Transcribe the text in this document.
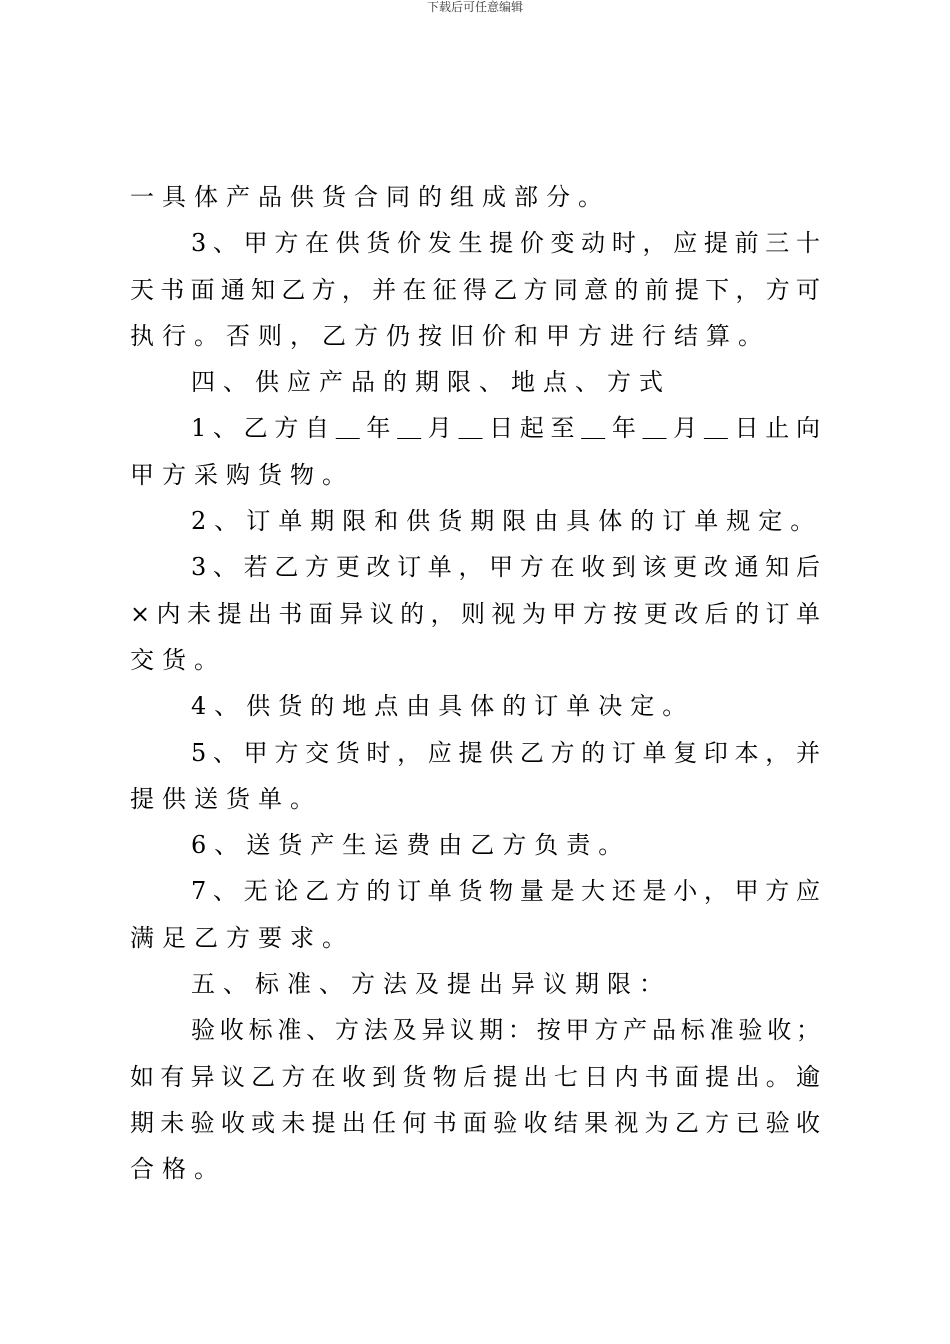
下载后可任意编辑
一具体产品供货合同的组成部分。
3、甲方在供货价发生提价变动时，应提前三十
天书面通知乙方，并在征得乙方同意的前提下，方可
执行。否则，乙方仍按旧价和甲方进行结算。
四、供应产品的期限、地点、方式
1、乙方自＿年＿月＿日起至＿年＿月＿日止向
甲方采购货物。
2、订单期限和供货期限由具体的订单规定。
3、若乙方更改订单，甲方在收到该更改通知后
×内未提出书面异议的，则视为甲方按更改后的订单
交货。
4、供货的地点由具体的订单决定。
5、甲方交货时，应提供乙方的订单复印本，并
提供送货单。
6、送货产生运费由乙方负责。
7、无论乙方的订单货物量是大还是小，甲方应
满足乙方要求。
五、标准、方法及提出异议期限：
验收标准、方法及异议期：按甲方产品标准验收；
如有异议乙方在收到货物后提出七日内书面提出。逾
期未验收或未提出任何书面验收结果视为乙方已验收
合格。
